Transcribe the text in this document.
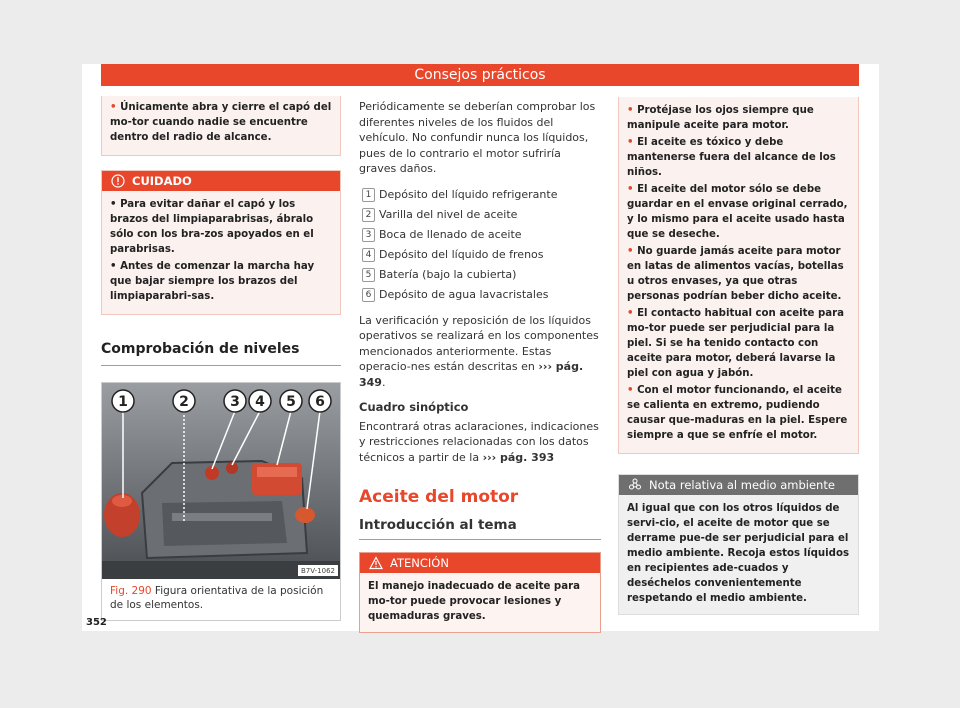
Consejos prácticos
• Únicamente abra y cierre el capó del mo-tor cuando nadie se encuentre dentro del radio de alcance.
CUIDADO
• Para evitar dañar el capó y los brazos del limpiaparabrisas, ábralo sólo con los bra-zos apoyados en el parabrisas.
• Antes de comenzar la marcha hay que bajar siempre los brazos del limpiaparabri-sas.
Comprobación de niveles
1	2	3 4 5 6
B7V-1062
Fig. 290 Figura orientativa de la posición de los elementos.

Periódicamente se deberían comprobar los diferentes niveles de los fluidos del vehículo. No confundir nunca los líquidos, pues de lo contrario el motor sufriría graves daños.

1 Depósito del líquido refrigerante
2 Varilla del nivel de aceite
3 Boca de llenado de aceite
4 Depósito del líquido de frenos
5 Batería (bajo la cubierta)
6 Depósito de agua lavacristales

La verificación y reposición de los líquidos operativos se realizará en los componentes mencionados anteriormente. Estas operacio-nes están descritas en ››› pág. 349.

Cuadro sinóptico

Encontrará otras aclaraciones, indicaciones y restricciones relacionadas con los datos técnicos a partir de la ››› pág. 393

Aceite del motor
Introducción al tema
ATENCIÓN
El manejo inadecuado de aceite para mo-tor puede provocar lesiones y quemaduras graves.
• Protéjase los ojos siempre que manipule aceite para motor.
• El aceite es tóxico y debe mantenerse fuera del alcance de los niños.
• El aceite del motor sólo se debe guardar en el envase original cerrado, y lo mismo para el aceite usado hasta que se deseche.
• No guarde jamás aceite para motor en latas de alimentos vacías, botellas u otros envases, ya que otras personas podrían beber dicho aceite.
• El contacto habitual con aceite para mo-tor puede ser perjudicial para la piel. Si se ha tenido contacto con aceite para motor, deberá lavarse la piel con agua y jabón.
• Con el motor funcionando, el aceite se calienta en extremo, pudiendo causar que-maduras en la piel. Espere siempre a que se enfríe el motor.
Nota relativa al medio ambiente
Al igual que con los otros líquidos de servi-cio, el aceite de motor que se derrame pue-de ser perjudicial para el medio ambiente. Recoja estos líquidos en recipientes ade-cuados y deséchelos convenientemente respetando el medio ambiente.
352
